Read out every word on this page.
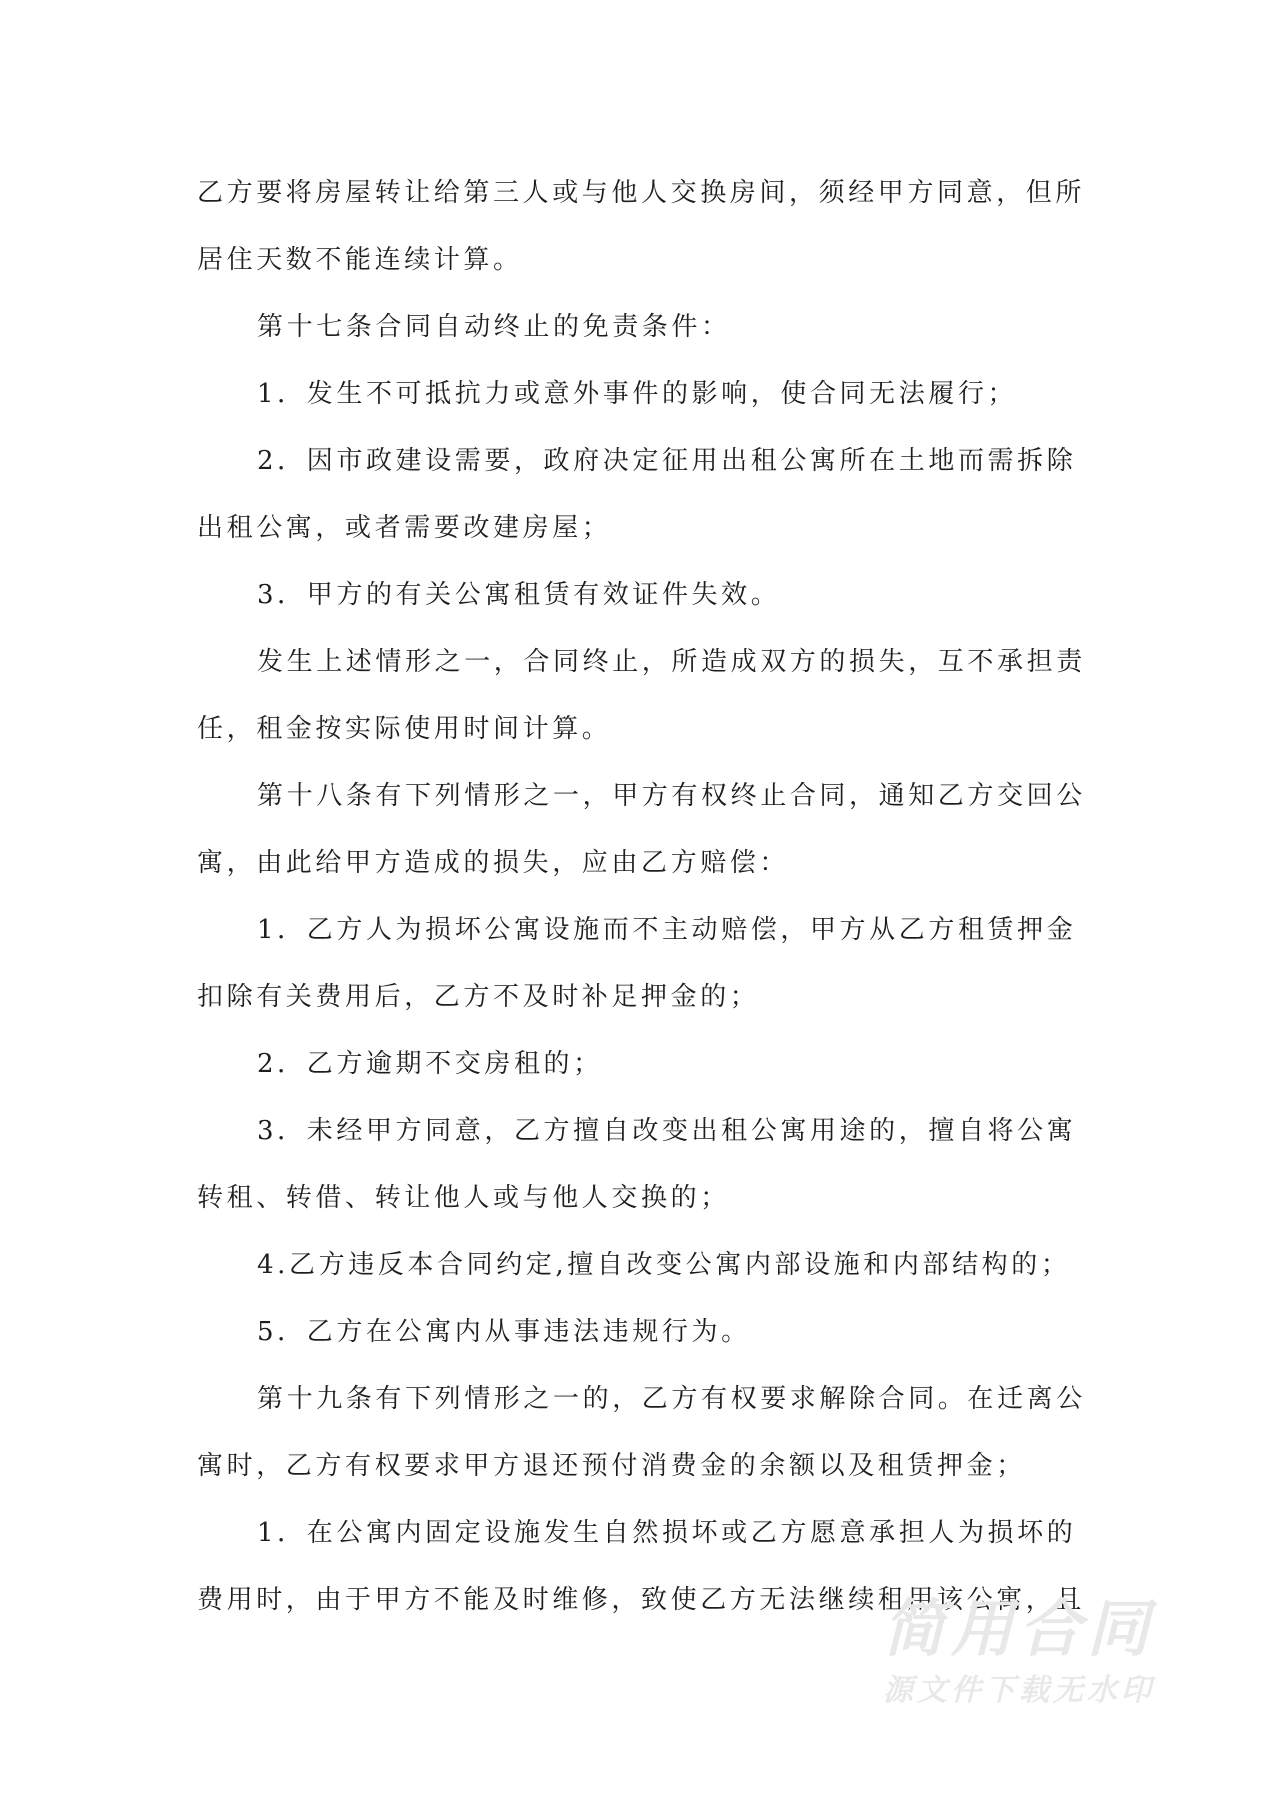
乙方要将房屋转让给第三人或与他人交换房间，须经甲方同意，但所
居住天数不能连续计算。
第十七条合同自动终止的免责条件：
1．发生不可抵抗力或意外事件的影响，使合同无法履行；
2．因市政建设需要，政府决定征用出租公寓所在土地而需拆除
出租公寓，或者需要改建房屋；
3．甲方的有关公寓租赁有效证件失效。
发生上述情形之一，合同终止，所造成双方的损失，互不承担责
任，租金按实际使用时间计算。
第十八条有下列情形之一，甲方有权终止合同，通知乙方交回公
寓，由此给甲方造成的损失，应由乙方赔偿：
1．乙方人为损坏公寓设施而不主动赔偿，甲方从乙方租赁押金
扣除有关费用后，乙方不及时补足押金的；
2．乙方逾期不交房租的；
3．未经甲方同意，乙方擅自改变出租公寓用途的，擅自将公寓
转租、转借、转让他人或与他人交换的；
4.乙方违反本合同约定,擅自改变公寓内部设施和内部结构的；
5．乙方在公寓内从事违法违规行为。
第十九条有下列情形之一的，乙方有权要求解除合同。在迁离公
寓时，乙方有权要求甲方退还预付消费金的余额以及租赁押金；
1．在公寓内固定设施发生自然损坏或乙方愿意承担人为损坏的
费用时，由于甲方不能及时维修，致使乙方无法继续租用该公寓，且
简用合同
源文件下载无水印
